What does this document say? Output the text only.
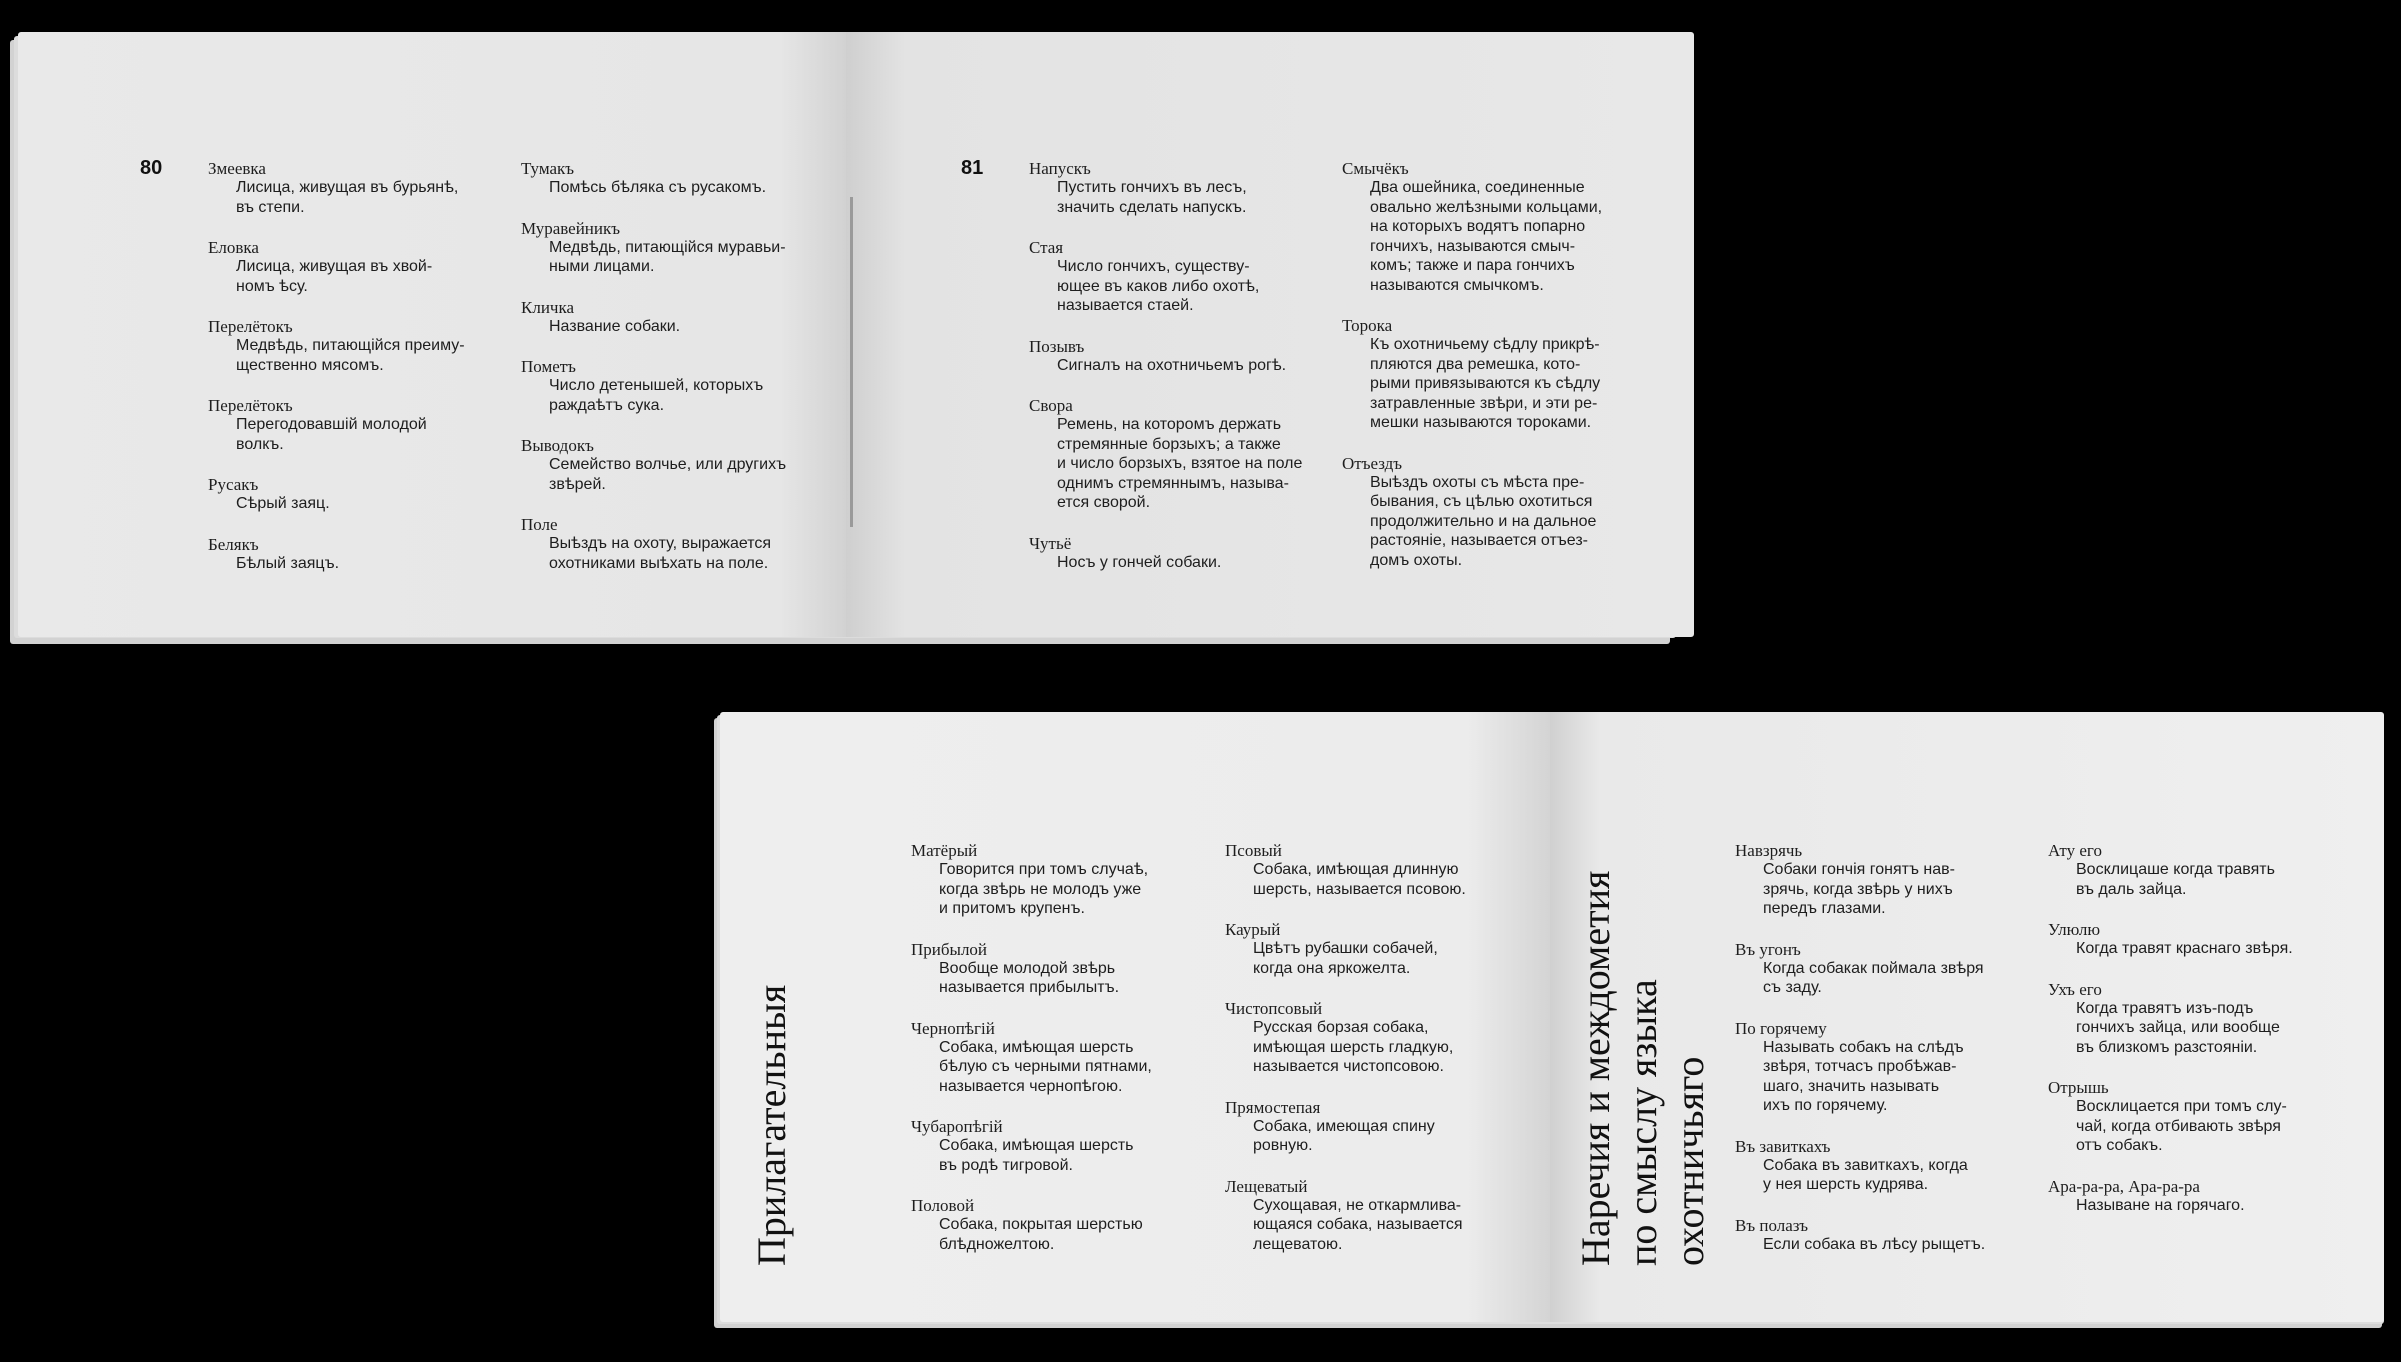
80	Змеевка
Лисица, живущая въ бурьянѣ,
въ степи.
Еловка
Лисица, живущая въ хвой-
номъ ѣсу.
Перелётокъ
Медвѣдь, питающійся преиму-
щественно мясомъ.
Перелётокъ
Перегодовавшій молодой
волкъ.
Русакъ
Сѣрый заяц.
Белякъ
Бѣлый заяцъ.
Тумакъ
Помѣсь бѣляка съ русакомъ.
Муравейникъ
Медвѣдь, питающійся муравьи-
ными лицами.
Кличка
Название собаки.
Пометъ
Число детенышей, которыхъ
раждаѣтъ сука.
Выводокъ
Семейство волчье, или другихъ
звѣрей.
Поле
Выѣздъ на охоту, выражается
охотниками выѣхать на поле.
81	Напускъ
Пустить гончихъ въ лесъ,
значить сделать напускъ.
Стая
Число гончихъ, существу-
ющее въ каков либо охотѣ,
называется стаей.
Позывъ
Сигналъ на охотничьемъ рогѣ.
Свора
Ремень, на которомъ держать
стремянные борзыхъ; а также
и число борзыхъ, взятое на поле
однимъ стремяннымъ, называ-
ется сворой.
Чутьё
Носъ у гончей собаки.
Смычёкъ
Два ошейника, соединенные
овально желѣзными кольцами,
на которыхъ водятъ попарно
гончихъ, называются смыч-
комъ; также и пара гончихъ
называются смычкомъ.
Торока
Къ охотничьему сѣдлу прикрѣ-
пляются два ремешка, кото-
рыми привязываются къ сѣдлу
затравленные звѣри, и эти ре-
мешки называются тороками.
Отъездъ
Выѣздъ охоты съ мѣста пре-
бывания, съ цѣлью охотиться
продолжительно и на дальное
растояніе, называется отъез-
домъ охоты.
Прилагательныя
Матёрый
Говорится при томъ случаѣ,
когда звѣрь не молодъ уже
и притомъ крупенъ.
Прибылой
Вообще молодой звѣрь
называется прибылытъ.
Чернопѣгій
Собака, имѣющая шерсть
бѣлую съ черными пятнами,
называется чернопѣгою.
Чубаропѣгій
Собака, имѣющая шерсть
въ родѣ тигровой.
Половой
Собака, покрытая шерстью
блѣдножелтою.
Псовый
Собака, имѣющая длинную
шерсть, называется псовою.
Каурый
Цвѣтъ рубашки собачей,
когда она яркожелта.
Чистопсовый
Русская борзая собака,
имѣющая шерсть гладкую,
называется чистопсовою.
Прямостепая
Собака, имеющая спину
ровную.
Лещеватый
Сухощавая, не откармлива-
ющаяся собака, называется
лещеватою.	Наречия и междометия
по смыслу языка
охотничьяго
Навзрячь
Собаки гончія гонятъ нав-
зрячь, когда звѣрь у нихъ
передъ глазами.
Въ угонъ
Когда собакак поймала звѣря
съ заду.
По горячему
Называть собакъ на слѣдъ
звѣря, тотчасъ пробѣжав-
шаго, значить называть
ихъ по горячему.
Въ завиткахъ
Собака въ завиткахъ, когда
у нея шерсть кудрява.
Въ полазъ
Если собака въ лѣсу рыщетъ.
Ату его
Восклицаше когда травять
въ даль зайца.
Улюлю
Когда травят краснаго звѣря.
Ухъ его
Когда травятъ изъ-подъ
гончихъ зайца, или вообще
въ близкомъ разстояніи.
Отрышь
Восклицается при томъ слу-
чай, когда отбивають звѣря
отъ собакъ.
Ара-ра-ра, Ара-ра-ра
Называне на горячаго.
